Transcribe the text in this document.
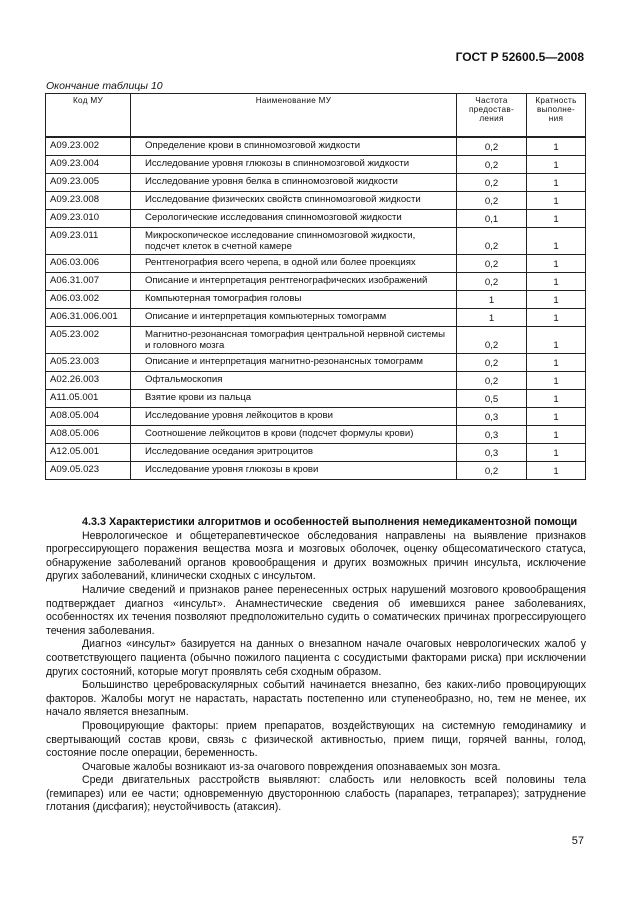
ГОСТ Р 52600.5—2008
Окончание таблицы 10
Код МУ	Наименование МУ	Частота предостав-ления	Кратность выполне-ния
A09.23.002	Определение крови в спинномозговой жидкости	0,2	1
A09.23.004	Исследование уровня глюкозы в спинномозговой жидкости	0,2	1
A09.23.005	Исследование уровня белка в спинномозговой жидкости	0,2	1
A09.23.008	Исследование физических свойств спинномозговой жидкости	0,2	1
A09.23.010	Серологические исследования спинномозговой жидкости	0,1	1
A09.23.011	Микроскопическое исследование спинномозговой жидкости, подсчет клеток в счетной камере	0,2	1
A06.03.006	Рентгенография всего черепа, в одной или более проекциях	0,2	1
A06.31.007	Описание и интерпретация рентгенографических изображений	0,2	1
A06.03.002	Компьютерная томография головы	1	1
A06.31.006.001	Описание и интерпретация компьютерных томограмм	1	1
A05.23.002	Магнитно-резонансная томография центральной нервной системы и головного мозга	0,2	1
A05.23.003	Описание и интерпретация магнитно-резонансных томограмм	0,2	1
A02.26.003	Офтальмоскопия	0,2	1
A11.05.001	Взятие крови из пальца	0,5	1
A08.05.004	Исследование уровня лейкоцитов в крови	0,3	1
A08.05.006	Соотношение лейкоцитов в крови (подсчет формулы крови)	0,3	1
A12.05.001	Исследование оседания эритроцитов	0,3	1
A09.05.023	Исследование уровня глюкозы в крови	0,2	1
4.3.3 Характеристики алгоритмов и особенностей выполнения немедикаментозной помощи

Неврологическое и общетерапевтическое обследования направлены на выявление признаков прогрессирующего поражения вещества мозга и мозговых оболочек, оценку общесоматического статуса, обнаружение заболеваний органов кровообращения и других возможных причин инсульта, исключение других заболеваний, клинически сходных с инсультом.

Наличие сведений и признаков ранее перенесенных острых нарушений мозгового кровообращения подтверждает диагноз «инсульт». Анамнестические сведения об имевшихся ранее заболеваниях, особенностях их течения позволяют предположительно судить о соматических причинах прогрессирующего течения заболевания.

Диагноз «инсульт» базируется на данных о внезапном начале очаговых неврологических жалоб у соответствующего пациента (обычно пожилого пациента с сосудистыми факторами риска) при исключении других состояний, которые могут проявлять себя сходным образом.

Большинство цереброваскулярных событий начинается внезапно, без каких-либо провоцирующих факторов. Жалобы могут не нарастать, нарастать постепенно или ступенеобразно, но, тем не менее, их начало является внезапным.

Провоцирующие факторы: прием препаратов, воздействующих на системную гемодинамику и свертывающий состав крови, связь с физической активностью, прием пищи, горячей ванны, голод, состояние после операции, беременность.

Очаговые жалобы возникают из-за очагового повреждения опознаваемых зон мозга.

Среди двигательных расстройств выявляют: слабость или неловкость всей половины тела (гемипарез) или ее части; одновременную двустороннюю слабость (парапарез, тетрапарез); затруднение глотания (дисфагия); неустойчивость (атаксия).

57
